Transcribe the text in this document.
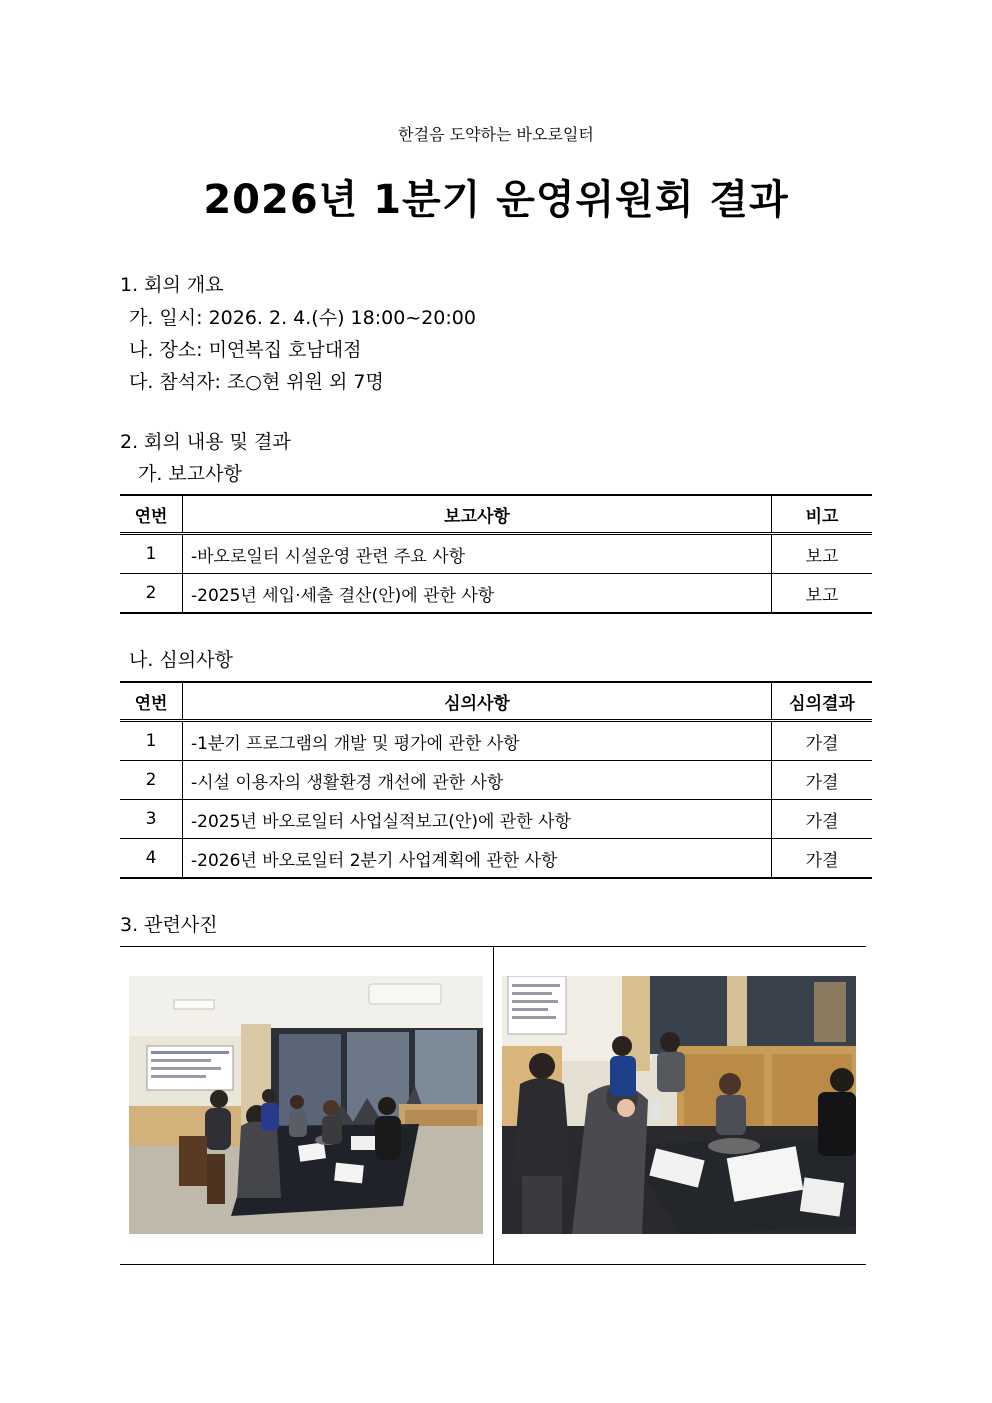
한걸음 도약하는 바오로일터
2026년 1분기 운영위원회 결과
1. 회의 개요
가. 일시: 2026. 2. 4.(수) 18:00~20:00
나. 장소: 미연복집 호남대점
다. 참석자: 조○현 위원 외 7명
2. 회의 내용 및 결과
가. 보고사항
연번	보고사항	비고
1	-바오로일터 시설운영 관련 주요 사항	보고
2	-2025년 세입·세출 결산(안)에 관한 사항	보고
나. 심의사항
연번	심의사항	심의결과
1	-1분기 프로그램의 개발 및 평가에 관한 사항	가결
2	-시설 이용자의 생활환경 개선에 관한 사항	가결
3	-2025년 바오로일터 사업실적보고(안)에 관한 사항	가결
4	-2026년 바오로일터 2분기 사업계획에 관한 사항	가결
3. 관련사진
